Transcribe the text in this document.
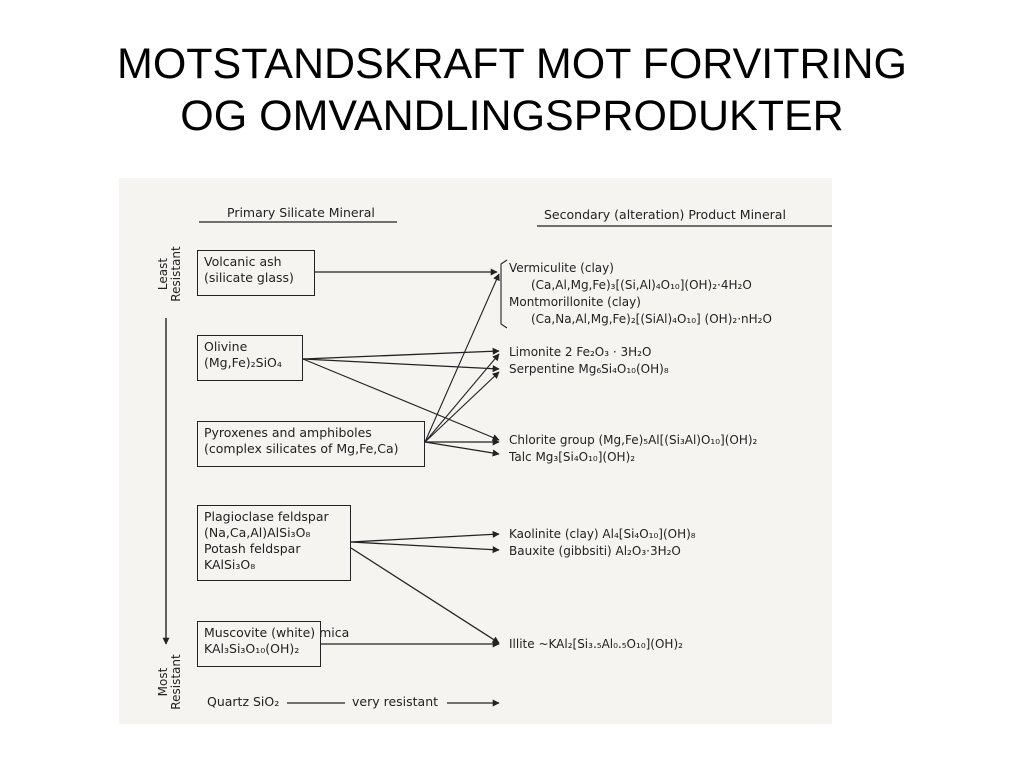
MOTSTANDSKRAFT MOT FORVITRING
OG OMVANDLINGSPRODUKTER
Primary Silicate Mineral	Secondary (alteration) Product Mineral
Least Resistant
Most Resistant
Volcanic ash
(silicate glass)
Olivine
(Mg,Fe)₂SiO₄
Pyroxenes and amphiboles
(complex silicates of Mg,Fe,Ca)
Plagioclase feldspar
(Na,Ca,Al)AlSi₃O₈
Potash feldspar
KAlSi₃O₈
Muscovite (white) mica
KAl₃Si₃O₁₀(OH)₂
Quartz SiO₂	very resistant
Vermiculite (clay)
(Ca,Al,Mg,Fe)₃[(Si,Al)₄O₁₀](OH)₂·4H₂O
Montmorillonite (clay)
(Ca,Na,Al,Mg,Fe)₂[(SiAl)₄O₁₀] (OH)₂·nH₂O
Limonite 2 Fe₂O₃ · 3H₂O
Serpentine Mg₆Si₄O₁₀(OH)₈
Chlorite group (Mg,Fe)₅Al[(Si₃Al)O₁₀](OH)₂
Talc Mg₃[Si₄O₁₀](OH)₂
Kaolinite (clay) Al₄[Si₄O₁₀](OH)₈
Bauxite (gibbsiti) Al₂O₃·3H₂O
Illite ~KAl₂[Si₃.₅Al₀.₅O₁₀](OH)₂
